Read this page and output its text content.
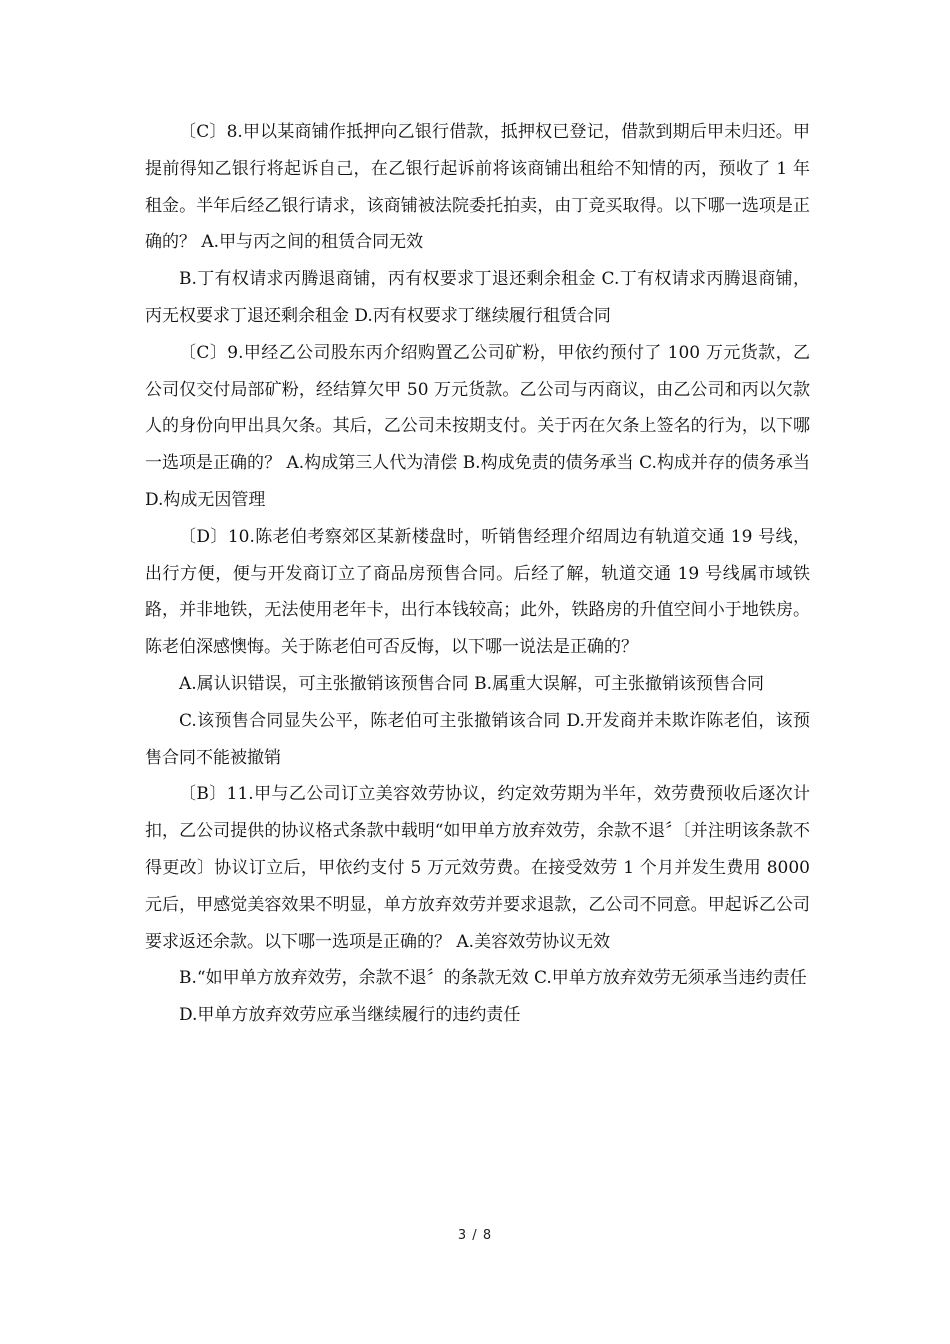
〔C〕8.甲以某商铺作抵押向乙银行借款，抵押权已登记，借款到期后甲未归还。甲提前得知乙银行将起诉自己，在乙银行起诉前将该商铺出租给不知情的丙，预收了 1 年租金。半年后经乙银行请求，该商铺被法院委托拍卖，由丁竞买取得。以下哪一选项是正确的？ A.甲与丙之间的租赁合同无效

B.丁有权请求丙腾退商铺，丙有权要求丁退还剩余租金 C.丁有权请求丙腾退商铺，丙无权要求丁退还剩余租金 D.丙有权要求丁继续履行租赁合同

〔C〕9.甲经乙公司股东丙介绍购置乙公司矿粉，甲依约预付了 100 万元货款，乙公司仅交付局部矿粉，经结算欠甲 50 万元货款。乙公司与丙商议，由乙公司和丙以欠款人的身份向甲出具欠条。其后，乙公司未按期支付。关于丙在欠条上签名的行为，以下哪一选项是正确的？ A.构成第三人代为清偿 B.构成免责的债务承当 C.构成并存的债务承当 D.构成无因管理

〔D〕10.陈老伯考察郊区某新楼盘时，听销售经理介绍周边有轨道交通 19 号线，出行方便，便与开发商订立了商品房预售合同。后经了解，轨道交通 19 号线属市域铁路，并非地铁，无法使用老年卡，出行本钱较高；此外，铁路房的升值空间小于地铁房。陈老伯深感懊悔。关于陈老伯可否反悔，以下哪一说法是正确的？

A.属认识错误，可主张撤销该预售合同 B.属重大误解，可主张撤销该预售合同

C.该预售合同显失公平，陈老伯可主张撤销该合同 D.开发商并未欺诈陈老伯，该预售合同不能被撤销

〔B〕11.甲与乙公司订立美容效劳协议，约定效劳期为半年，效劳费预收后逐次计扣，乙公司提供的协议格式条款中载明“如甲单方放弃效劳，余款不退〞〔并注明该条款不得更改〕协议订立后，甲依约支付 5 万元效劳费。在接受效劳 1 个月并发生费用 8000 元后，甲感觉美容效果不明显，单方放弃效劳并要求退款，乙公司不同意。甲起诉乙公司要求返还余款。以下哪一选项是正确的？ A.美容效劳协议无效

B.“如甲单方放弃效劳，余款不退〞的条款无效 C.甲单方放弃效劳无须承当违约责任

D.甲单方放弃效劳应承当继续履行的违约责任

3 / 8
